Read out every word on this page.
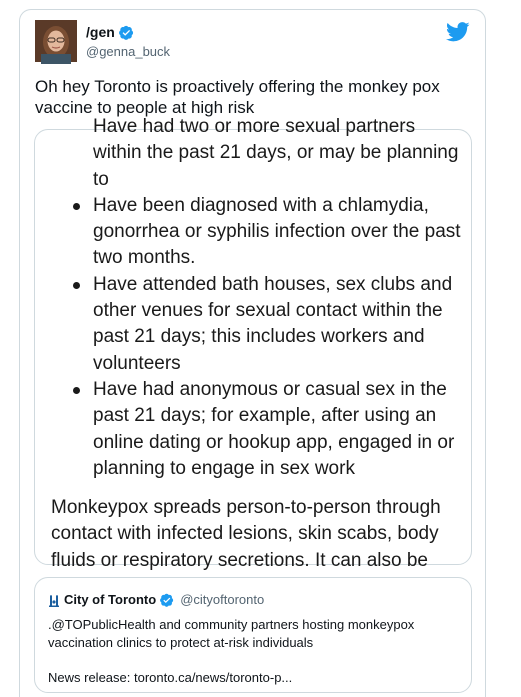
/gen
@genna_buck
Oh hey Toronto is proactively offering the monkey pox vaccine to people at high risk
Have had two or more sexual partners within the past 21 days, or may be planning to
Have been diagnosed with a chlamydia, gonorrhea or syphilis infection over the past two months.
Have attended bath houses, sex clubs and other venues for sexual contact within the past 21 days; this includes workers and volunteers
Have had anonymous or casual sex in the past 21 days; for example, after using an online dating or hookup app, engaged in or planning to engage in sex work

Monkeypox spreads person-to-person through contact with infected lesions, skin scabs, body fluids or respiratory secretions. It can also be

City of Toronto @cityoftoronto
.@TOPublicHealth and community partners hosting monkeypox vaccination clinics to protect at-risk individuals
News release: toronto.ca/news/toronto-p...
